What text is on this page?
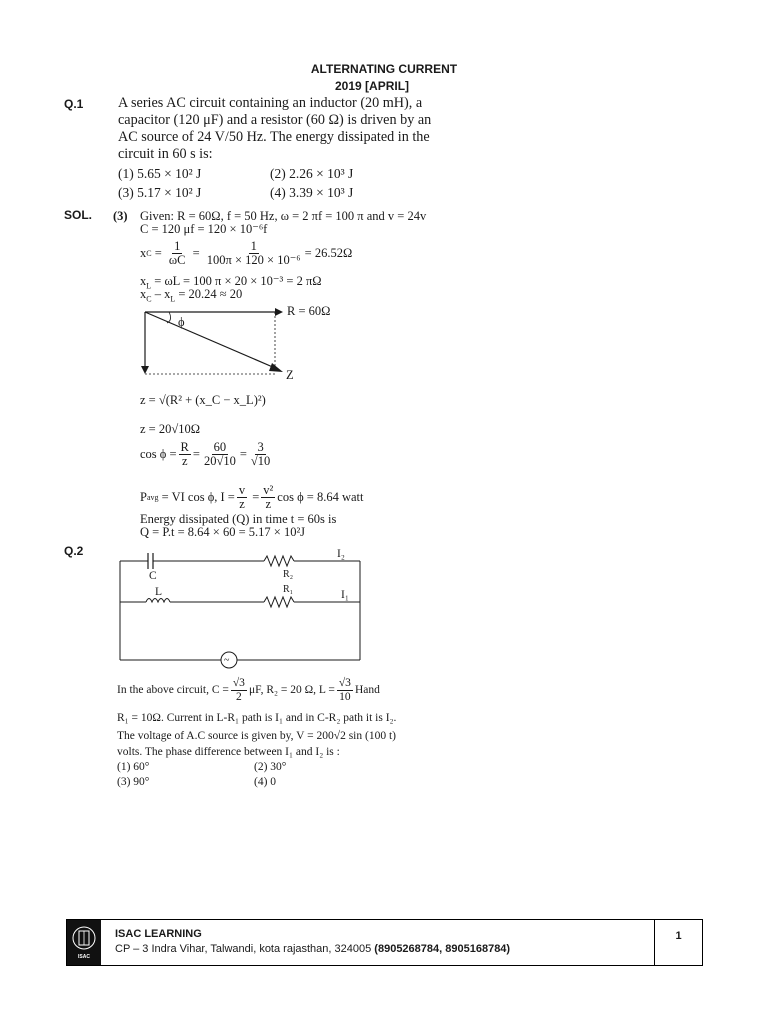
ALTERNATING CURRENT
2019 [APRIL]
Q.1 A series AC circuit containing an inductor (20 mH), a
capacitor (120 μF) and a resistor (60 Ω) is driven by an
AC source of 24 V/50 Hz. The energy dissipated in the
circuit in 60 s is:
(1) 5.65 × 10² J	(2) 2.26 × 10³ J
(3) 5.17 × 10² J	(4) 3.39 × 10³ J
SOL. (3) Given: R = 60Ω, f = 50 Hz, ω = 2 πf = 100 π and v = 24v
C = 120 μf = 120 × 10⁻⁶f
x $C = \frac{1}{\omega C} = \frac{1}{\text{100π × 120 × 10⁻⁶}} = 26.52\Omega$
$x_L = \omega L = 100$ π × 20 × 10⁻³ = 2 πΩ
$x_C - x_L = 20.24 \approx 20$
ϕ
R = 60Ω
Z
z = √(R² + (x_C − x_L)²)
z = 20√10Ω
$\cos \phi = \frac{R}{z} = \frac{60}{20√10} = \frac{3}{√10}$
P avg
= VI cos ϕ, $I = \frac{v}{z} = \frac{\text{v²}}{z}$ cos ϕ = 8.64 watt
Energy dissipated (Q) in time t = 60s is
Q = P.t = 8.64 × 60 = 5.17 × 10²J
Q.2
~
C
L
R₂
R₁
I₂
I₁
In the above circuit, $C = \frac{√3}{2} \mu F$, R₂ = 20 Ω, $L = \frac{√3}{10}$ Hand
R₁ = 10Ω. Current in L-R₁ path is I₁ and in C-R₂ path it is I₂.
The voltage of A.C source is given by, V = 200√2 sin (100 t)
volts. The phase difference between I₁ and I₂ is :
(1) 60°	(2) 30°
(3) 90°	(4) 0
ISAC
ISAC LEARNING
CP – 3 Indra Vihar, Talwandi, kota rajasthan, 324005 (8905268784, 8905168784)
1
